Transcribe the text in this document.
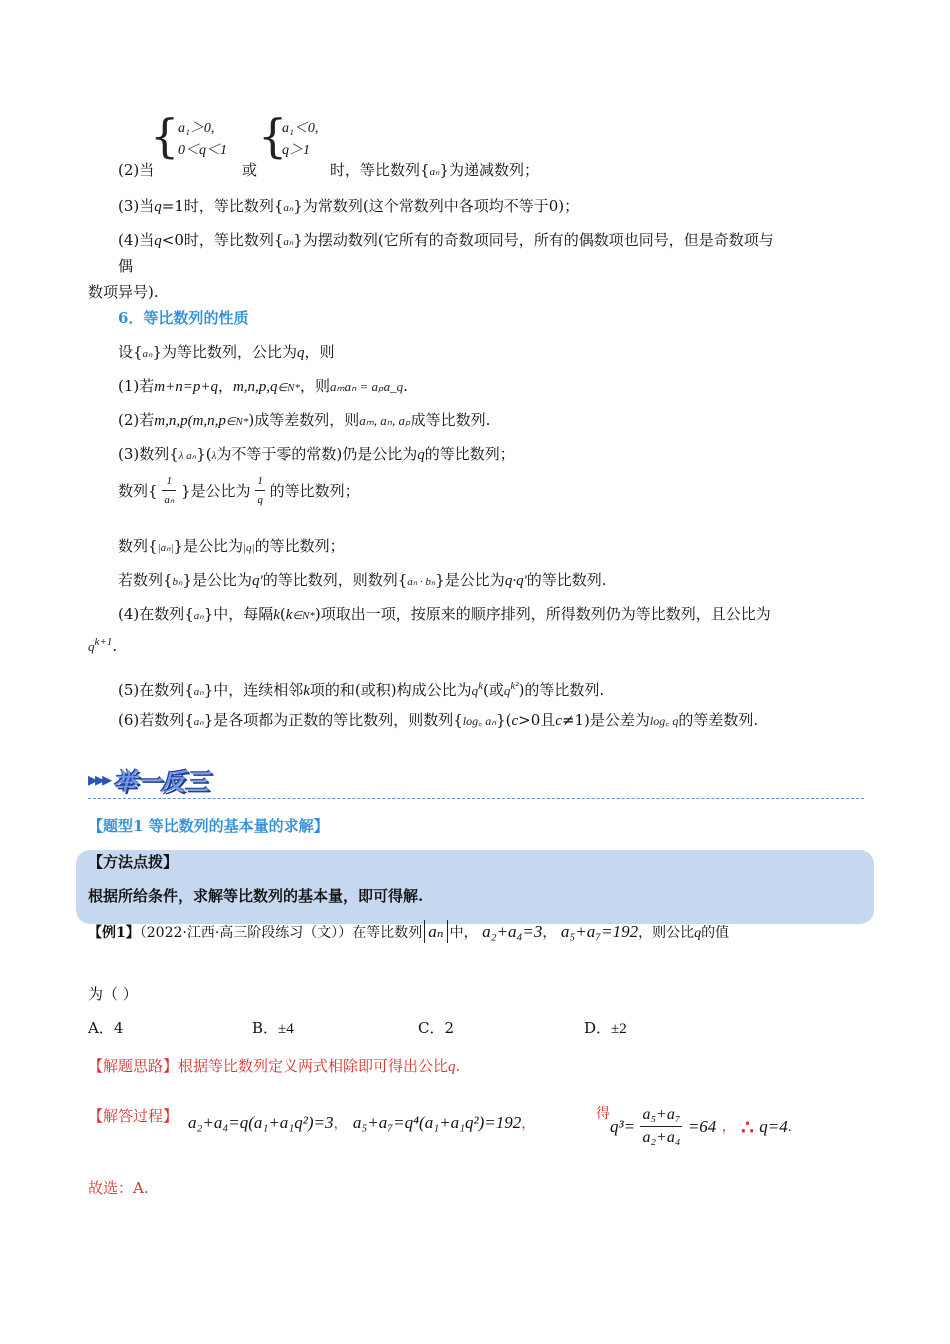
(2)当
{
a₁＞0,
0＜q＜1
或
{
a₁＜0,
q＞1
时，等比数列{aₙ}为递减数列；
(3)当q=1时，等比数列{aₙ}为常数列(这个常数列中各项均不等于0)；
(4)当q<0时，等比数列{aₙ}为摆动数列(它所有的奇数项同号，所有的偶数项也同号，但是奇数项与
偶
数项异号).
6．等比数列的性质
设{aₙ}为等比数列，公比为q，则
(1)若m+n=p+q，m,n,p,q∈N*，则aₘaₙ = aₚa_q.
(2)若m,n,p(m,n,p∈N*)成等差数列，则aₘ, aₙ, aₚ成等比数列.
(3)数列{λ aₙ}(λ为不等于零的常数)仍是公比为q的等比数列；
数列{ $\frac{1}{\text{aₙ}}$ }是公比为 $\frac{1}{q}$ 的等比数列；
数列{|aₙ|}是公比为|q|的等比数列；
若数列{bₙ}是公比为q'的等比数列，则数列{aₙ · bₙ}是公比为q·q'的等比数列.
(4)在数列{aₙ}中，每隔k(k∈N*)项取出一项，按原来的顺序排列，所得数列仍为等比数列，且公比为
$q^{k+1}$.
(5)在数列{aₙ}中，连续相邻k项的和(或积)构成公比为$q^k$(或$q^{k^2}$)的等比数列.
(6)若数列{aₙ}是各项都为正数的等比数列，则数列{log꜀ aₙ}(c>0且c≠1)是公差为log꜀ q的等差数列.
▸▸▸ 举一反三
【题型1 等比数列的基本量的求解】
【方法点拨】
根据所给条件，求解等比数列的基本量，即可得解.
【例1】（2022·江西·高三阶段练习（文））在等比数列 aₙ 中， a₂+a₄=3， a₅+a₇=192，则公比q的值
为（ ）
A．4	B．±4	C．2	D．±2
【解题思路】根据等比数列定义两式相除即可得出公比q.
【解答过程】 a₂+a₄=q(a₁+a₁q²)=3， a₅+a₇=q⁴(a₁+a₁q²)=192，
得
$q^3= \frac{\text{a₅+a₇}}{\text{a₂+a₄}} =64$ ， ∴ q=4.
故选：A.
